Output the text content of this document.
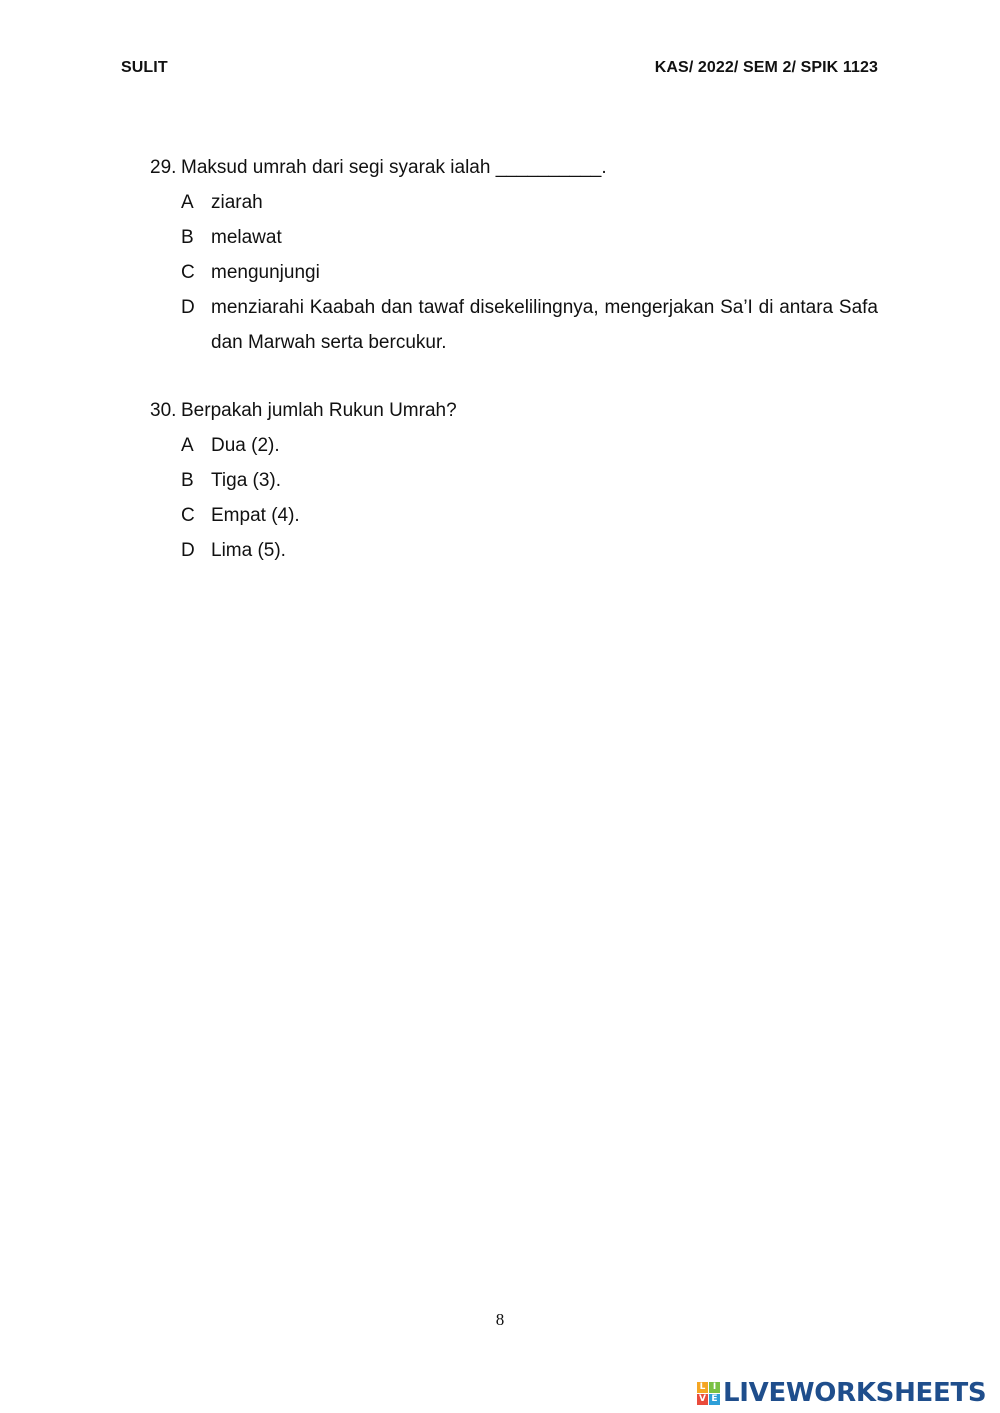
SULIT	KAS/ 2022/ SEM 2/ SPIK 1123
29. Maksud umrah dari segi syarak ialah __________.
A ziarah
B melawat
C mengunjungi
D menziarahi Kaabah dan tawaf disekelilingnya, mengerjakan Sa’I di antara Safa dan Marwah serta bercukur.
30. Berpakah jumlah Rukun Umrah?
A Dua (2).
B Tiga (3).
C Empat (4).
D Lima (5).
8
L I
V E LIVEWORKSHEETS
